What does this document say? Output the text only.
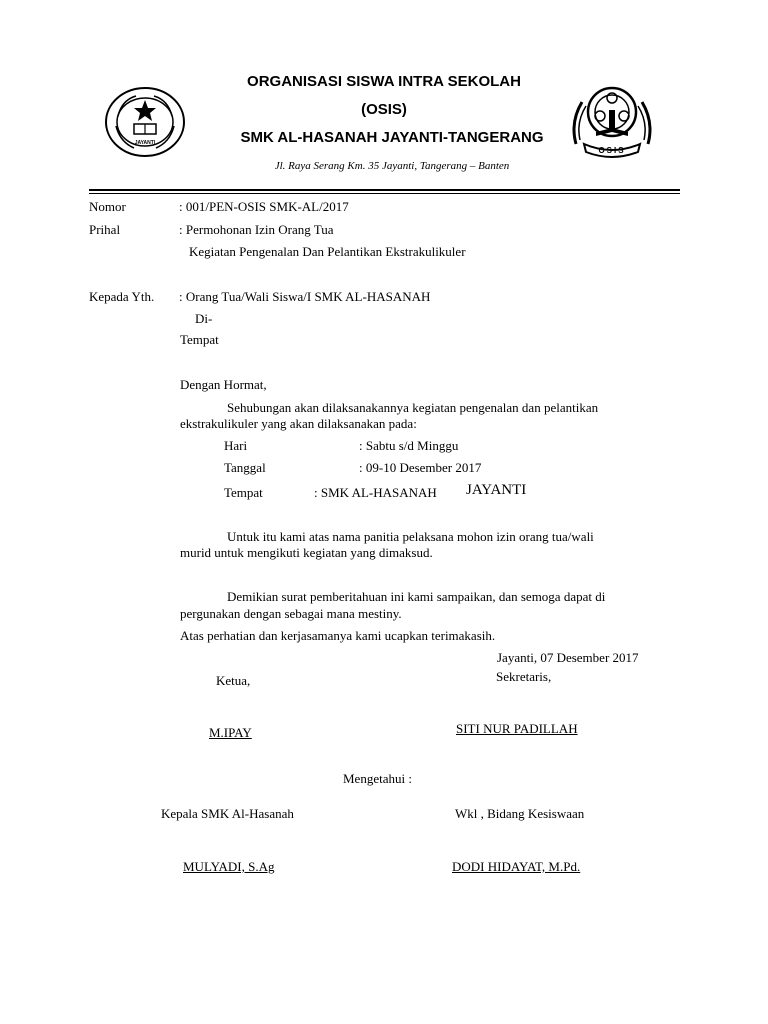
JAYANTI
OSIS
ORGANISASI SISWA INTRA SEKOLAH
(OSIS)
SMK AL-HASANAH JAYANTI-TANGERANG
Jl. Raya Serang Km. 35 Jayanti, Tangerang – Banten
Nomor	: 001/PEN-OSIS SMK-AL/2017
Prihal	: Permohonan Izin Orang Tua
Kegiatan Pengenalan Dan Pelantikan Ekstrakulikuler
Kepada Yth. : Orang Tua/Wali Siswa/I SMK AL-HASANAH
Di-
Tempat
Dengan Hormat,
Sehubungan akan dilaksanakannya kegiatan pengenalan dan pelantikan
ekstrakulikuler yang akan dilaksanakan pada:
Hari	: Sabtu s/d Minggu
Tanggal	: 09-10 Desember 2017
Tempat	: SMK AL-HASANAH JAYANTI
Untuk itu kami atas nama panitia pelaksana mohon izin orang tua/wali
murid untuk mengikuti kegiatan yang dimaksud.
Demikian surat pemberitahuan ini kami sampaikan, dan semoga dapat di
pergunakan dengan sebagai mana mestiny.
Atas perhatian dan kerjasamanya kami ucapkan terimakasih.
Jayanti, 07 Desember 2017
Ketua,	Sekretaris,
M.IPAY	SITI NUR PADILLAH
Mengetahui :
Kepala SMK Al-Hasanah	Wkl , Bidang Kesiswaan
MULYADI, S.Ag	DODI HIDAYAT, M.Pd.
